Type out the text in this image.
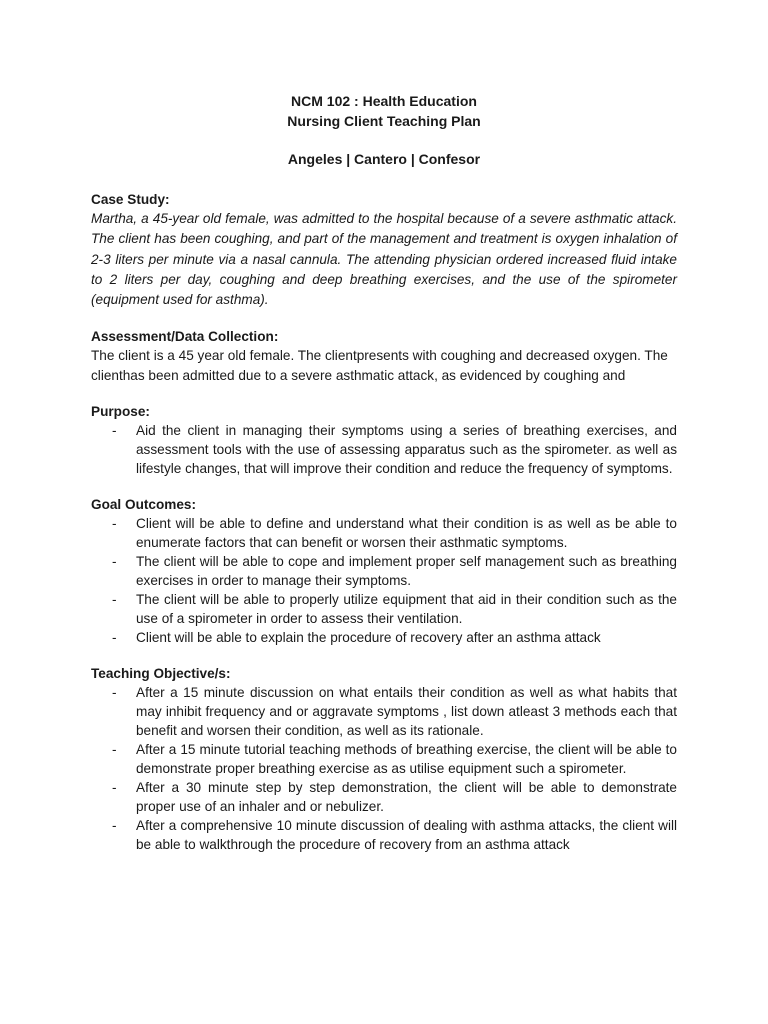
NCM 102 : Health Education
Nursing Client Teaching Plan
Angeles | Cantero | Confesor
Case Study:
Martha, a 45-year old female, was admitted to the hospital because of a severe asthmatic attack. The client has been coughing, and part of the management and treatment is oxygen inhalation of 2-3 liters per minute via a nasal cannula. The attending physician ordered increased fluid intake to 2 liters per day, coughing and deep breathing exercises, and the use of the spirometer (equipment used for asthma).
Assessment/Data Collection:
The client is a 45 year old female. The clientpresents with coughing and decreased oxygen. The clienthas been admitted due to a severe asthmatic attack, as evidenced by coughing and
Purpose:
- Aid the client in managing their symptoms using a series of breathing exercises, and assessment tools with the use of assessing apparatus such as the spirometer. as well as lifestyle changes, that will improve their condition and reduce the frequency of symptoms.
Goal Outcomes:
- Client will be able to define and understand what their condition is as well as be able to enumerate factors that can benefit or worsen their asthmatic symptoms.
- The client will be able to cope and implement proper self management such as breathing exercises in order to manage their symptoms.
- The client will be able to properly utilize equipment that aid in their condition such as the use of a spirometer in order to assess their ventilation.
- Client will be able to explain the procedure of recovery after an asthma attack
Teaching Objective/s:
- After a 15 minute discussion on what entails their condition as well as what habits that may inhibit frequency and or aggravate symptoms , list down atleast 3 methods each that benefit and worsen their condition, as well as its rationale.
- After a 15 minute tutorial teaching methods of breathing exercise, the client will be able to demonstrate proper breathing exercise as as utilise equipment such a spirometer.
- After a 30 minute step by step demonstration, the client will be able to demonstrate proper use of an inhaler and or nebulizer.
- After a comprehensive 10 minute discussion of dealing with asthma attacks, the client will be able to walkthrough the procedure of recovery from an asthma attack
